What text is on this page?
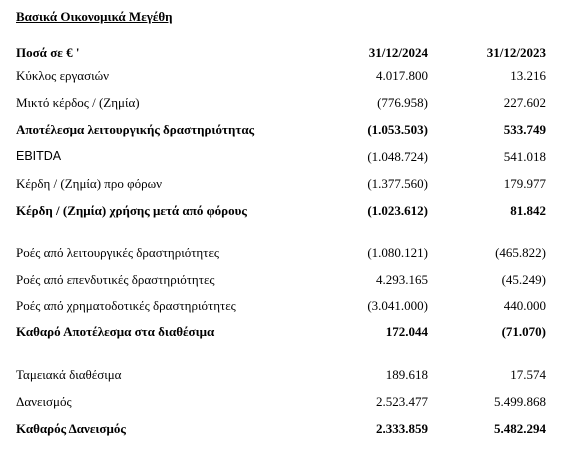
Βασικά Οικονομικά Μεγέθη
Ποσά σε € '	31/12/2024	31/12/2023
Κύκλος εργασιών	4.017.800	13.216
Μικτό κέρδος / (Ζημία)	(776.958)	227.602
Αποτέλεσμα λειτουργικής δραστηριότητας	(1.053.503)	533.749
EBITDA	(1.048.724)	541.018
Κέρδη / (Ζημία) προ φόρων	(1.377.560)	179.977
Κέρδη / (Ζημία) χρήσης μετά από φόρους	(1.023.612)	81.842
Ροές από λειτουργικές δραστηριότητες	(1.080.121)	(465.822)
Ροές από επενδυτικές δραστηριότητες	4.293.165	(45.249)
Ροές από χρηματοδοτικές δραστηριότητες	(3.041.000)	440.000
Καθαρό Αποτέλεσμα στα διαθέσιμα	172.044	(71.070)
Ταμειακά διαθέσιμα	189.618	17.574
Δανεισμός	2.523.477	5.499.868
Καθαρός Δανεισμός	2.333.859	5.482.294
